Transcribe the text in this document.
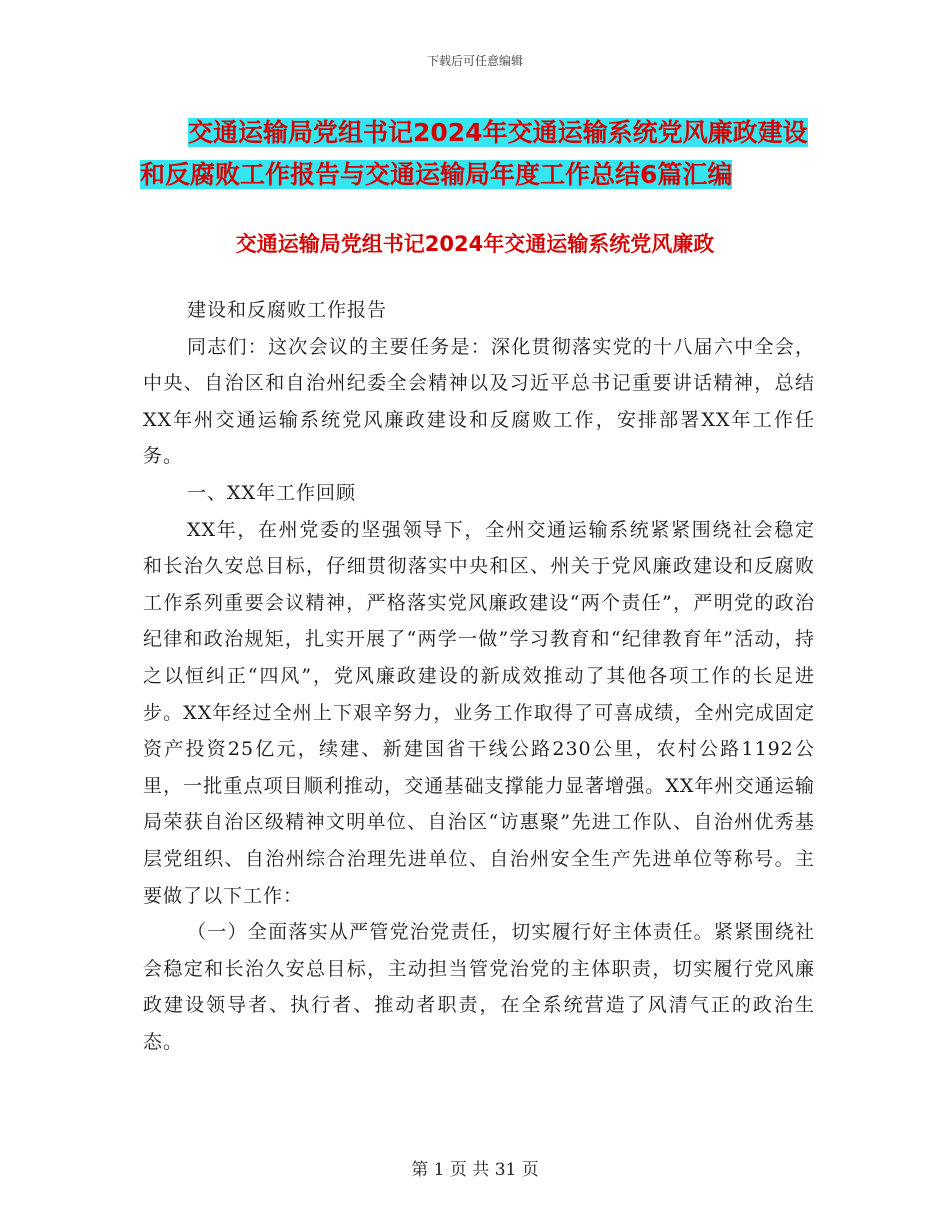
下载后可任意编辑
交通运输局党组书记2024年交通运输系统党风廉政建设和反腐败工作报告与交通运输局年度工作总结6篇汇编
交通运输局党组书记2024年交通运输系统党风廉政

建设和反腐败工作报告

同志们：这次会议的主要任务是：深化贯彻落实党的十八届六中全会，中央、自治区和自治州纪委全会精神以及习近平总书记重要讲话精神，总结XX年州交通运输系统党风廉政建设和反腐败工作，安排部署XX年工作任务。

一、XX年工作回顾

XX年，在州党委的坚强领导下，全州交通运输系统紧紧围绕社会稳定和长治久安总目标，仔细贯彻落实中央和区、州关于党风廉政建设和反腐败工作系列重要会议精神，严格落实党风廉政建设“两个责任”，严明党的政治纪律和政治规矩，扎实开展了“两学一做”学习教育和“纪律教育年”活动，持之以恒纠正“四风”，党风廉政建设的新成效推动了其他各项工作的长足进步。XX年经过全州上下艰辛努力，业务工作取得了可喜成绩，全州完成固定资产投资25亿元，续建、新建国省干线公路230公里，农村公路1192公里，一批重点项目顺利推动，交通基础支撑能力显著增强。XX年州交通运输局荣获自治区级精神文明单位、自治区“访惠聚”先进工作队、自治州优秀基层党组织、自治州综合治理先进单位、自治州安全生产先进单位等称号。主要做了以下工作：

（一）全面落实从严管党治党责任，切实履行好主体责任。紧紧围绕社会稳定和长治久安总目标，主动担当管党治党的主体职责，切实履行党风廉政建设领导者、执行者、推动者职责，在全系统营造了风清气正的政治生态。

第 1 页 共 31 页
